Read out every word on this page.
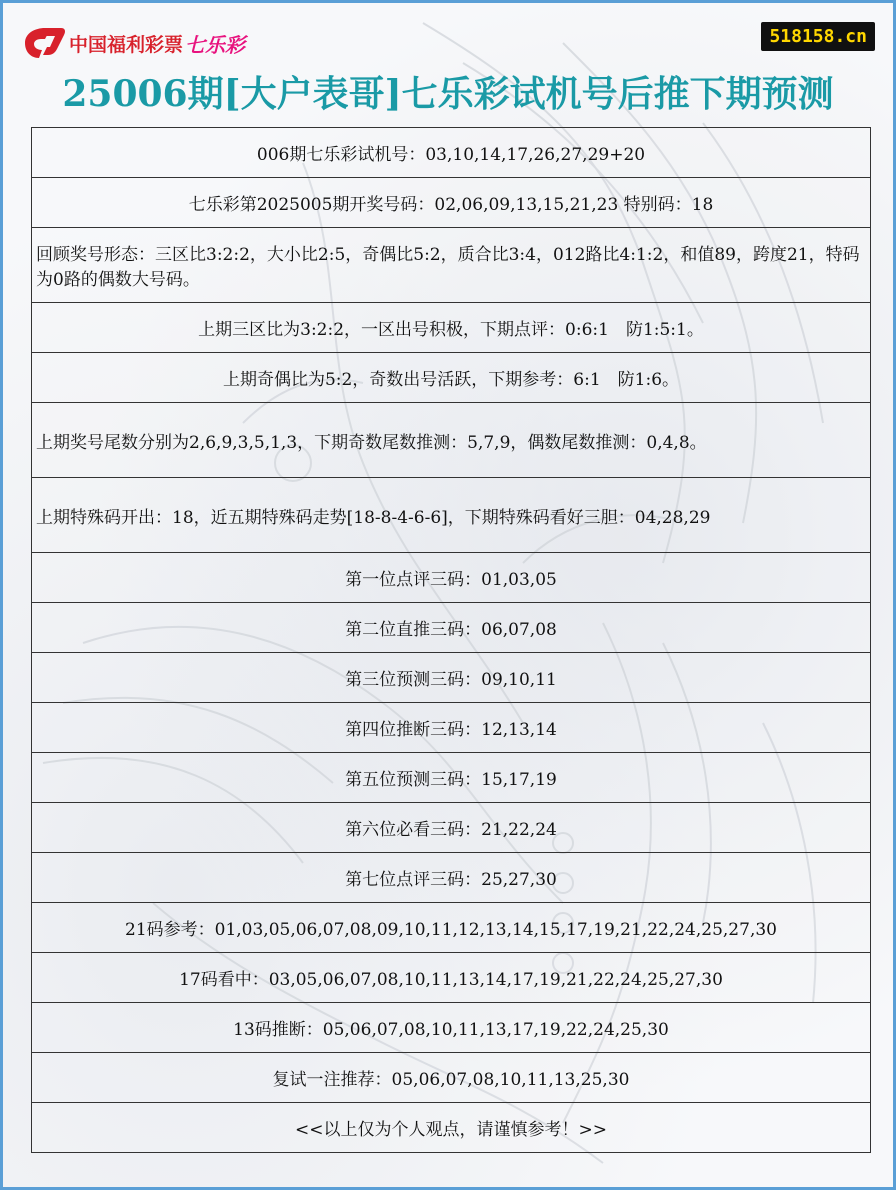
中国福利彩票 七乐彩	518158.cn
25006期[大户表哥]七乐彩试机号后推下期预测
006期七乐彩试机号：03,10,14,17,26,27,29+20
七乐彩第2025005期开奖号码：02,06,09,13,15,21,23 特别码：18
回顾奖号形态：三区比3:2:2，大小比2:5，奇偶比5:2，质合比3:4，012路比4:1:2，和值89，跨度21，特码为0路的偶数大号码。
上期三区比为3:2:2，一区出号积极，下期点评：0:6:1　防1:5:1。
上期奇偶比为5:2，奇数出号活跃，下期参考：6:1　防1:6。
上期奖号尾数分别为2,6,9,3,5,1,3，下期奇数尾数推测：5,7,9，偶数尾数推测：0,4,8。
上期特殊码开出：18，近五期特殊码走势[18-8-4-6-6]，下期特殊码看好三胆：04,28,29
第一位点评三码：01,03,05
第二位直推三码：06,07,08
第三位预测三码：09,10,11
第四位推断三码：12,13,14
第五位预测三码：15,17,19
第六位必看三码：21,22,24
第七位点评三码：25,27,30
21码参考：01,03,05,06,07,08,09,10,11,12,13,14,15,17,19,21,22,24,25,27,30
17码看中：03,05,06,07,08,10,11,13,14,17,19,21,22,24,25,27,30
13码推断：05,06,07,08,10,11,13,17,19,22,24,25,30
复试一注推荐：05,06,07,08,10,11,13,25,30
<<以上仅为个人观点，请谨慎参考！>>
